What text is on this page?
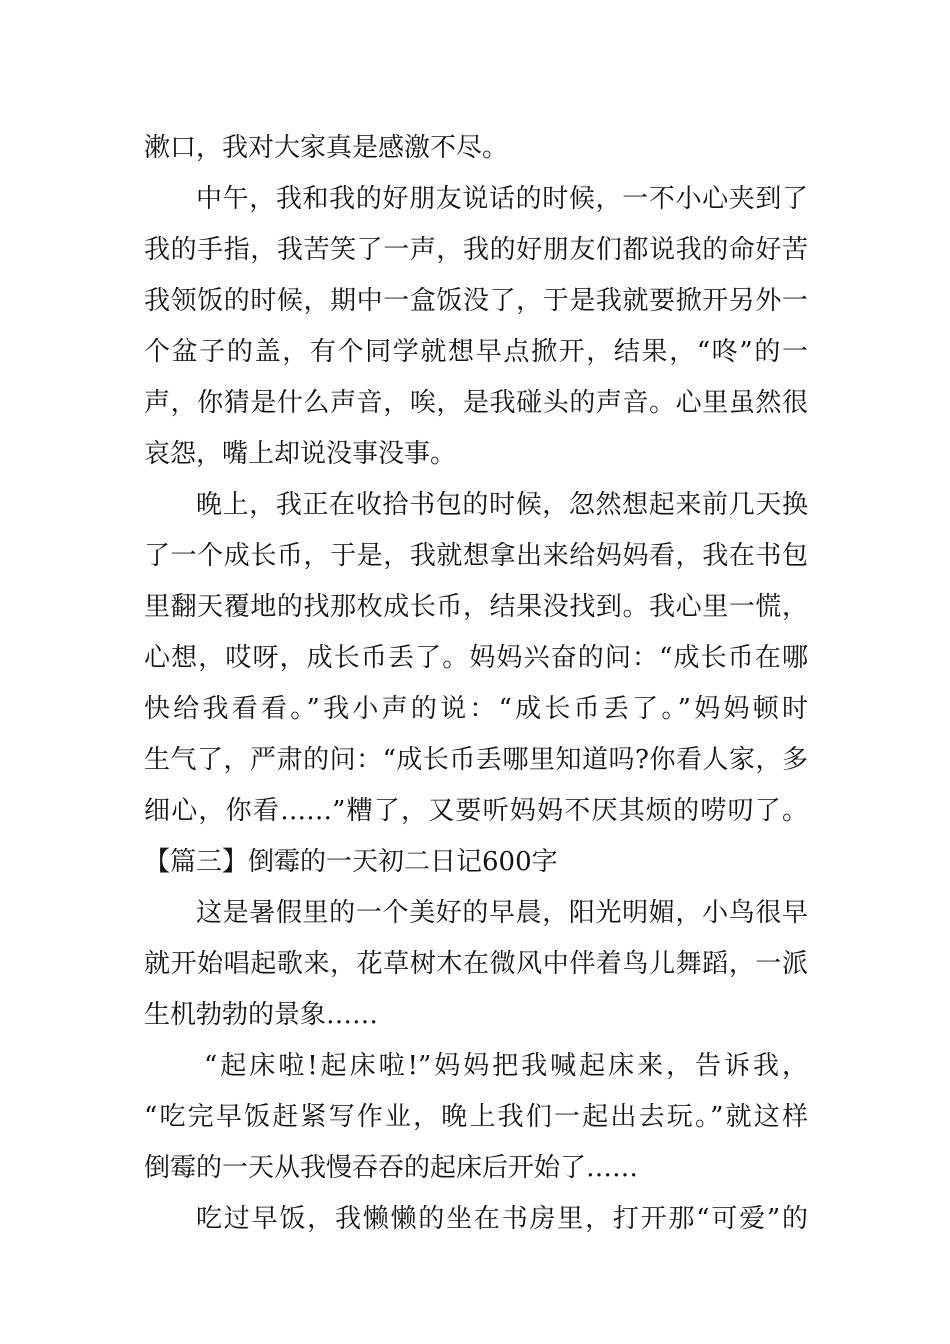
漱口，我对大家真是感激不尽。
中午，我和我的好朋友说话的时候，一不小心夹到了
我的手指，我苦笑了一声，我的好朋友们都说我的命好苦
我领饭的时候，期中一盒饭没了，于是我就要掀开另外一
个盆子的盖，有个同学就想早点掀开，结果，“咚”的一
声，你猜是什么声音，唉，是我碰头的声音。心里虽然很
哀怨，嘴上却说没事没事。
晚上，我正在收拾书包的时候，忽然想起来前几天换
了一个成长币，于是，我就想拿出来给妈妈看，我在书包
里翻天覆地的找那枚成长币，结果没找到。我心里一慌，
心想，哎呀，成长币丢了。妈妈兴奋的问：“成长币在哪
快给我看看。”我小声的说：“成长币丢了。”妈妈顿时
生气了，严肃的问：“成长币丢哪里知道吗?你看人家，多
细心，你看……”糟了，又要听妈妈不厌其烦的唠叨了。
【篇三】倒霉的一天初二日记600字
这是暑假里的一个美好的早晨，阳光明媚，小鸟很早
就开始唱起歌来，花草树木在微风中伴着鸟儿舞蹈，一派
生机勃勃的景象……
“起床啦!起床啦!”妈妈把我喊起床来，告诉我，
“吃完早饭赶紧写作业，晚上我们一起出去玩。”就这样
倒霉的一天从我慢吞吞的起床后开始了……
吃过早饭，我懒懒的坐在书房里，打开那“可爱”的
